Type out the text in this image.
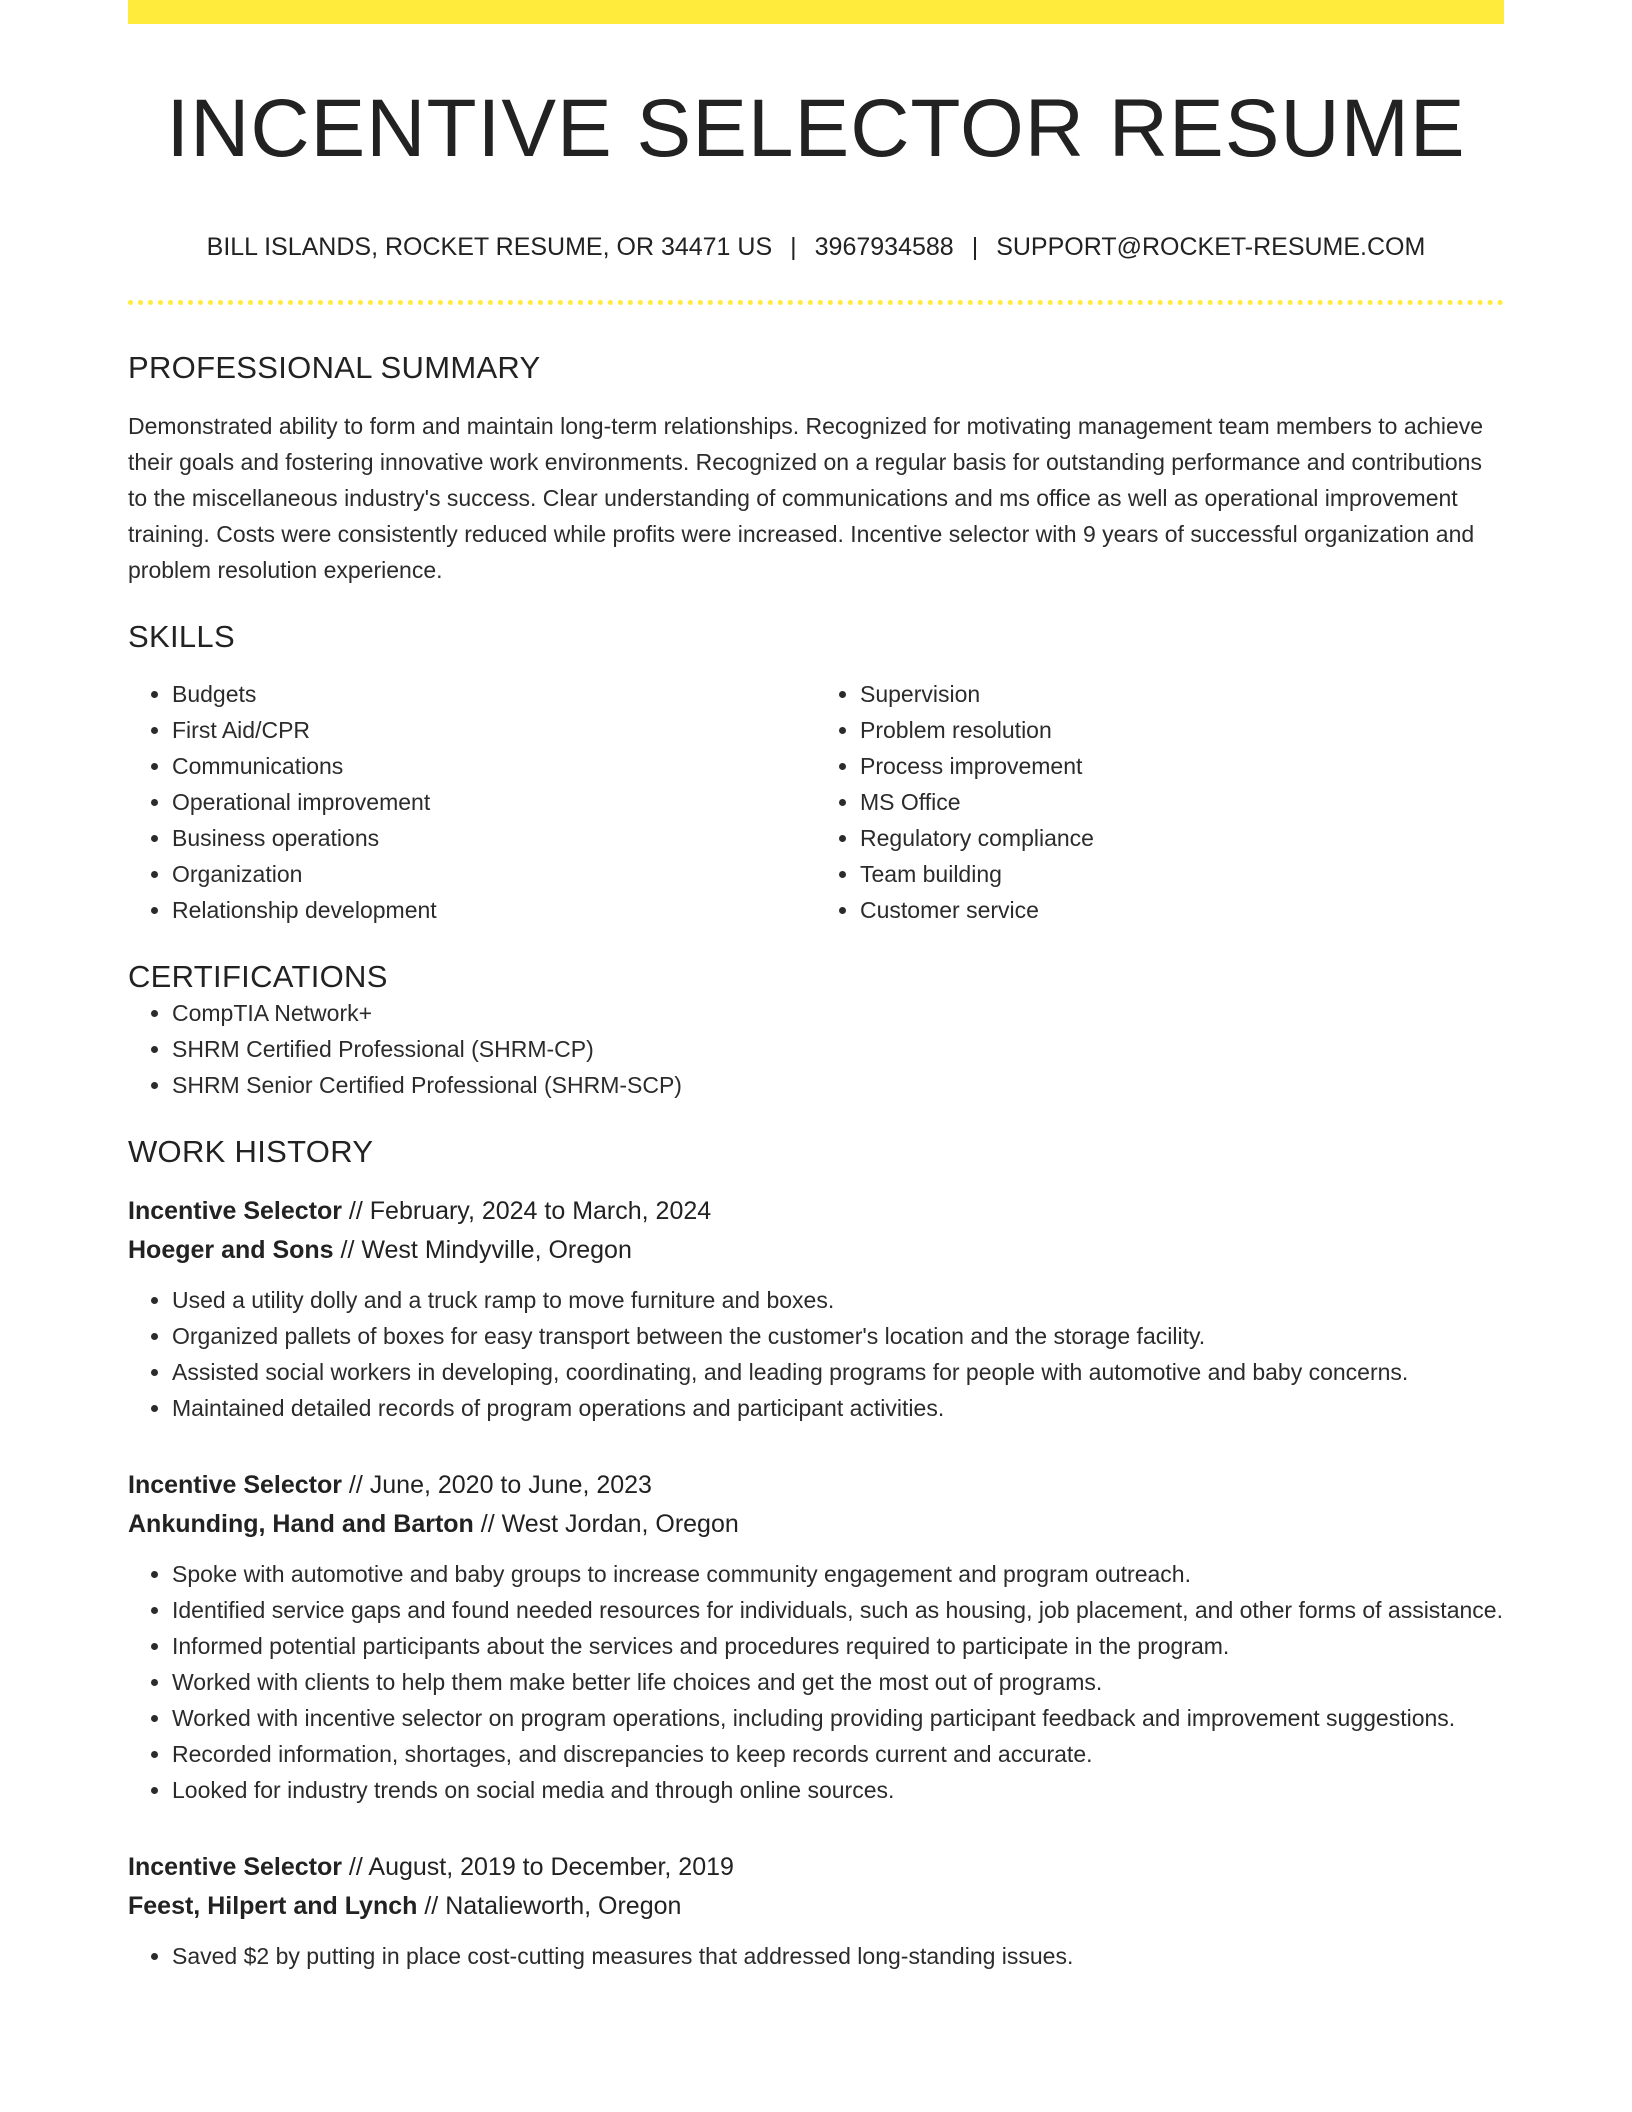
INCENTIVE SELECTOR RESUME
BILL ISLANDS, ROCKET RESUME, OR 34471 US | 3967934588 | SUPPORT@ROCKET-RESUME.COM
PROFESSIONAL SUMMARY

Demonstrated ability to form and maintain long-term relationships. Recognized for motivating management team members to achieve their goals and fostering innovative work environments. Recognized on a regular basis for outstanding performance and contributions to the miscellaneous industry's success. Clear understanding of communications and ms office as well as operational improvement training. Costs were consistently reduced while profits were increased. Incentive selector with 9 years of successful organization and problem resolution experience.

SKILLS
• Budgets
• First Aid/CPR
• Communications
• Operational improvement
• Business operations
• Organization
• Relationship development
• Supervision
• Problem resolution
• Process improvement
• MS Office
• Regulatory compliance
• Team building
• Customer service
CERTIFICATIONS
• CompTIA Network+
• SHRM Certified Professional (SHRM-CP)
• SHRM Senior Certified Professional (SHRM-SCP)
WORK HISTORY
Incentive Selector // February, 2024 to March, 2024
Hoeger and Sons // West Mindyville, Oregon
• Used a utility dolly and a truck ramp to move furniture and boxes.
• Organized pallets of boxes for easy transport between the customer's location and the storage facility.
• Assisted social workers in developing, coordinating, and leading programs for people with automotive and baby concerns.
• Maintained detailed records of program operations and participant activities.
Incentive Selector // June, 2020 to June, 2023
Ankunding, Hand and Barton // West Jordan, Oregon
• Spoke with automotive and baby groups to increase community engagement and program outreach.
• Identified service gaps and found needed resources for individuals, such as housing, job placement, and other forms of assistance.
• Informed potential participants about the services and procedures required to participate in the program.
• Worked with clients to help them make better life choices and get the most out of programs.
• Worked with incentive selector on program operations, including providing participant feedback and improvement suggestions.
• Recorded information, shortages, and discrepancies to keep records current and accurate.
• Looked for industry trends on social media and through online sources.
Incentive Selector // August, 2019 to December, 2019
Feest, Hilpert and Lynch // Natalieworth, Oregon
• Saved $2 by putting in place cost-cutting measures that addressed long-standing issues.
